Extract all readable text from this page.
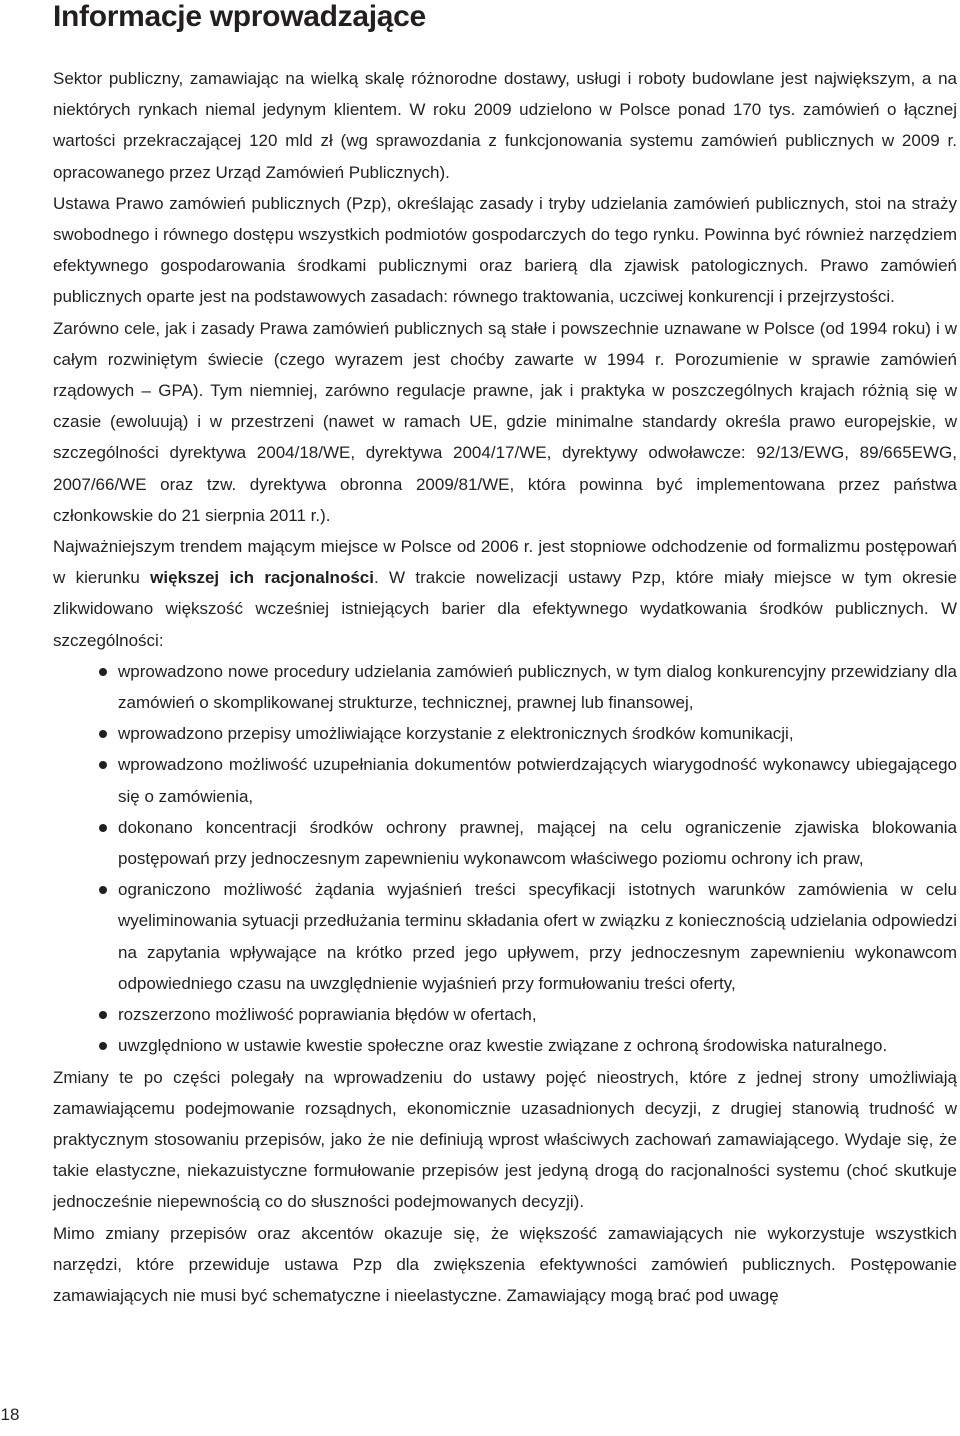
Informacje wprowadzające

Sektor publiczny, zamawiając na wielką skalę różnorodne dostawy, usługi i roboty budowlane jest największym, a na niektórych rynkach niemal jedynym klientem. W roku 2009 udzielono w Polsce ponad 170 tys. zamówień o łącznej wartości przekraczającej 120 mld zł (wg sprawozdania z funkcjonowania systemu zamówień publicznych w 2009 r. opracowanego przez Urząd Zamówień Publicznych).

Ustawa Prawo zamówień publicznych (Pzp), określając zasady i tryby udzielania zamówień publicznych, stoi na straży swobodnego i równego dostępu wszystkich podmiotów gospodarczych do tego rynku. Powinna być również narzędziem efektywnego gospodarowania środkami publicznymi oraz barierą dla zjawisk patologicznych. Prawo zamówień publicznych oparte jest na podstawowych zasadach: równego traktowania, uczciwej konkurencji i przejrzystości.

Zarówno cele, jak i zasady Prawa zamówień publicznych są stałe i powszechnie uznawane w Polsce (od 1994 roku) i w całym rozwiniętym świecie (czego wyrazem jest choćby zawarte w 1994 r. Porozumienie w sprawie zamówień rządowych – GPA). Tym niemniej, zarówno regulacje prawne, jak i praktyka w poszczególnych krajach różnią się w czasie (ewoluują) i w przestrzeni (nawet w ramach UE, gdzie minimalne standardy określa prawo europejskie, w szczególności dyrektywa 2004/18/WE, dyrektywa 2004/17/WE, dyrektywy odwoławcze: 92/13/EWG, 89/665EWG, 2007/66/WE oraz tzw. dyrektywa obronna 2009/81/WE, która powinna być implementowana przez państwa członkowskie do 21 sierpnia 2011 r.).

Najważniejszym trendem mającym miejsce w Polsce od 2006 r. jest stopniowe odchodzenie od formalizmu postępowań w kierunku większej ich racjonalności. W trakcie nowelizacji ustawy Pzp, które miały miejsce w tym okresie zlikwidowano większość wcześniej istniejących barier dla efektywnego wydatkowania środków publicznych. W szczególności:

wprowadzono nowe procedury udzielania zamówień publicznych, w tym dialog konkurencyjny przewidziany dla zamówień o skomplikowanej strukturze, technicznej, prawnej lub finansowej,
wprowadzono przepisy umożliwiające korzystanie z elektronicznych środków komunikacji,
wprowadzono możliwość uzupełniania dokumentów potwierdzających wiarygodność wykonawcy ubiegającego się o zamówienia,
dokonano koncentracji środków ochrony prawnej, mającej na celu ograniczenie zjawiska blokowania postępowań przy jednoczesnym zapewnieniu wykonawcom właściwego poziomu ochrony ich praw,
ograniczono możliwość żądania wyjaśnień treści specyfikacji istotnych warunków zamówienia w celu wyeliminowania sytuacji przedłużania terminu składania ofert w związku z koniecznością udzielania odpowiedzi na zapytania wpływające na krótko przed jego upływem, przy jednoczesnym zapewnieniu wykonawcom odpowiedniego czasu na uwzględnienie wyjaśnień przy formułowaniu treści oferty,
rozszerzono możliwość poprawiania błędów w ofertach,
uwzględniono w ustawie kwestie społeczne oraz kwestie związane z ochroną środowiska naturalnego.

Zmiany te po części polegały na wprowadzeniu do ustawy pojęć nieostrych, które z jednej strony umożliwiają zamawiającemu podejmowanie rozsądnych, ekonomicznie uzasadnionych decyzji, z drugiej stanowią trudność w praktycznym stosowaniu przepisów, jako że nie definiują wprost właściwych zachowań zamawiającego. Wydaje się, że takie elastyczne, niekazuistyczne formułowanie przepisów jest jedyną drogą do racjonalności systemu (choć skutkuje jednocześnie niepewnością co do słuszności podejmowanych decyzji).

Mimo zmiany przepisów oraz akcentów okazuje się, że większość zamawiających nie wykorzystuje wszystkich narzędzi, które przewiduje ustawa Pzp dla zwiększenia efektywności zamówień publicznych. Postępowanie zamawiających nie musi być schematyczne i nieelastyczne. Zamawiający mogą brać pod uwagę

18
